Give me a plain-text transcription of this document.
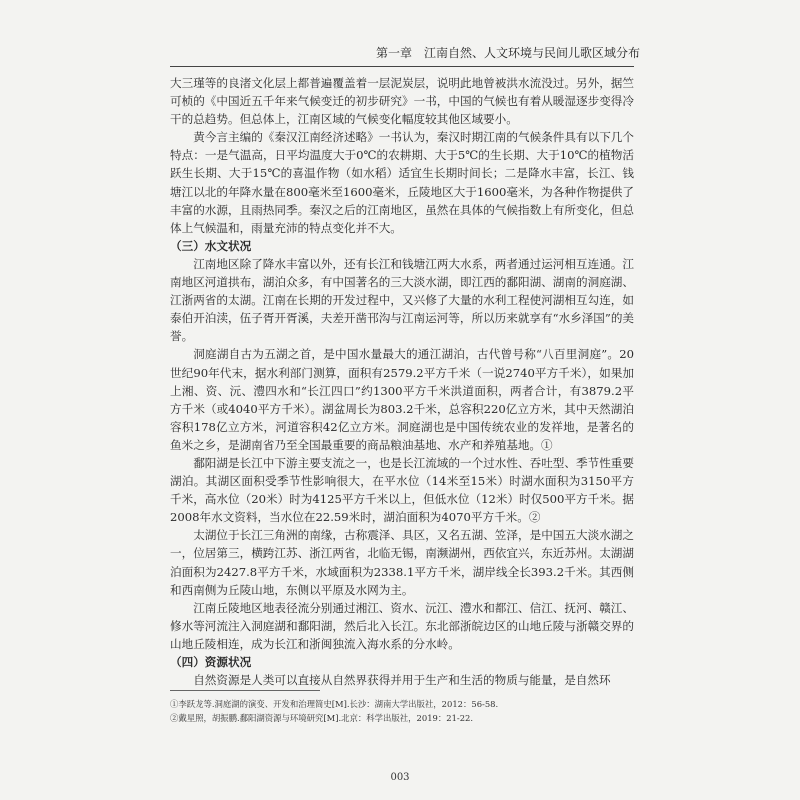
第一章　江南自然、人文环境与民间儿歌区域分布

大三瑾等的良渚文化层上都普遍覆盖着一层泥炭层，说明此地曾被洪水流没过。另外，据竺可桢的《中国近五千年来气候变迁的初步研究》一书，中国的气候也有着从暖湿逐步变得冷干的总趋势。但总体上，江南区域的气候变化幅度较其他区域要小。

黄今言主编的《秦汉江南经济述略》一书认为，秦汉时期江南的气候条件具有以下几个特点：一是气温高，日平均温度大于0℃的农耕期、大于5℃的生长期、大于10℃的植物活跃生长期、大于15℃的喜温作物（如水稻）适宜生长期时间长；二是降水丰富，长江、钱塘江以北的年降水量在800毫米至1600毫米，丘陵地区大于1600毫米，为各种作物提供了丰富的水源，且雨热同季。秦汉之后的江南地区，虽然在具体的气候指数上有所变化，但总体上气候温和，雨量充沛的特点变化并不大。

（三）水文状况

江南地区除了降水丰富以外，还有长江和钱塘江两大水系，两者通过运河相互连通。江南地区河道拱布，湖泊众多，有中国著名的三大淡水湖，即江西的鄱阳湖、湖南的洞庭湖、江浙两省的太湖。江南在长期的开发过程中，又兴修了大量的水利工程使河湖相互勾连，如泰伯开泊渎，伍子胥开胥溪，夫差开凿邗沟与江南运河等，所以历来就享有“水乡泽国”的美誉。

洞庭湖自古为五湖之首，是中国水量最大的通江湖泊，古代曾号称“八百里洞庭”。20世纪90年代末，据水利部门测算，面积有2579.2平方千米（一说2740平方千米），如果加上湘、资、沅、澧四水和“长江四口”约1300平方千米洪道面积，两者合计，有3879.2平方千米（或4040平方千米）。湖盆周长为803.2千米，总容积220亿立方米，其中天然湖泊容积178亿立方米，河道容积42亿立方米。洞庭湖也是中国传统农业的发祥地，是著名的鱼米之乡，是湖南省乃至全国最重要的商品粮油基地、水产和养殖基地。①

鄱阳湖是长江中下游主要支流之一，也是长江流域的一个过水性、吞吐型、季节性重要湖泊。其湖区面积受季节性影响很大，在平水位（14米至15米）时湖水面积为3150平方千米，高水位（20米）时为4125平方千米以上，但低水位（12米）时仅500平方千米。据2008年水文资料，当水位在22.59米时，湖泊面积为4070平方千米。②

太湖位于长江三角洲的南缘，古称震泽、具区，又名五湖、笠泽，是中国五大淡水湖之一，位居第三，横跨江苏、浙江两省，北临无锡，南濒湖州，西依宜兴，东近苏州。太湖湖泊面积为2427.8平方千米，水域面积为2338.1平方千米，湖岸线全长393.2千米。其西侧和西南侧为丘陵山地，东侧以平原及水网为主。

江南丘陵地区地表径流分别通过湘江、资水、沅江、澧水和都江、信江、抚河、赣江、修水等河流注入洞庭湖和鄱阳湖，然后北入长江。东北部浙皖边区的山地丘陵与浙赣交界的山地丘陵相连，成为长江和浙闽独流入海水系的分水岭。

（四）资源状况

自然资源是人类可以直接从自然界获得并用于生产和生活的物质与能量，是自然环

①李跃龙等.洞庭湖的演变、开发和治理简史[M].长沙：湖南大学出版社，2012：56-58.

②戴星照，胡振鹏.鄱阳湖资源与环境研究[M].北京：科学出版社，2019：21-22.

003
